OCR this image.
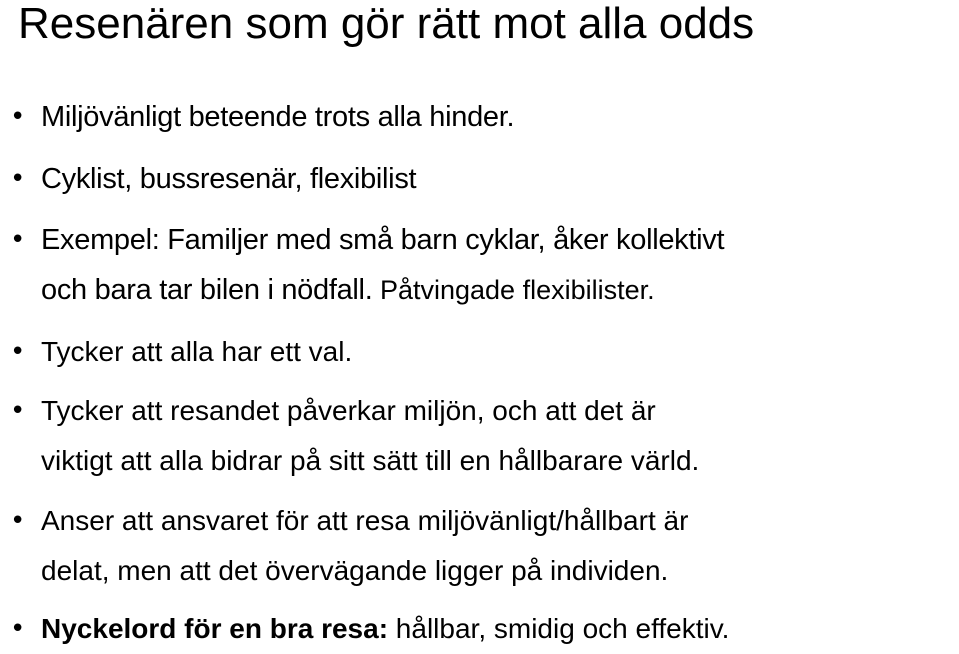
Resenären som gör rätt mot alla odds
• Miljövänligt beteende trots alla hinder.
• Cyklist, bussresenär, flexibilist
• Exempel: Familjer med små barn cyklar, åker kollektivt
och bara tar bilen i nödfall. Påtvingade flexibilister.
• Tycker att alla har ett val.
• Tycker att resandet påverkar miljön, och att det är
viktigt att alla bidrar på sitt sätt till en hållbarare värld.
• Anser att ansvaret för att resa miljövänligt/hållbart är
delat, men att det övervägande ligger på individen.
• Nyckelord för en bra resa: hållbar, smidig och effektiv.
